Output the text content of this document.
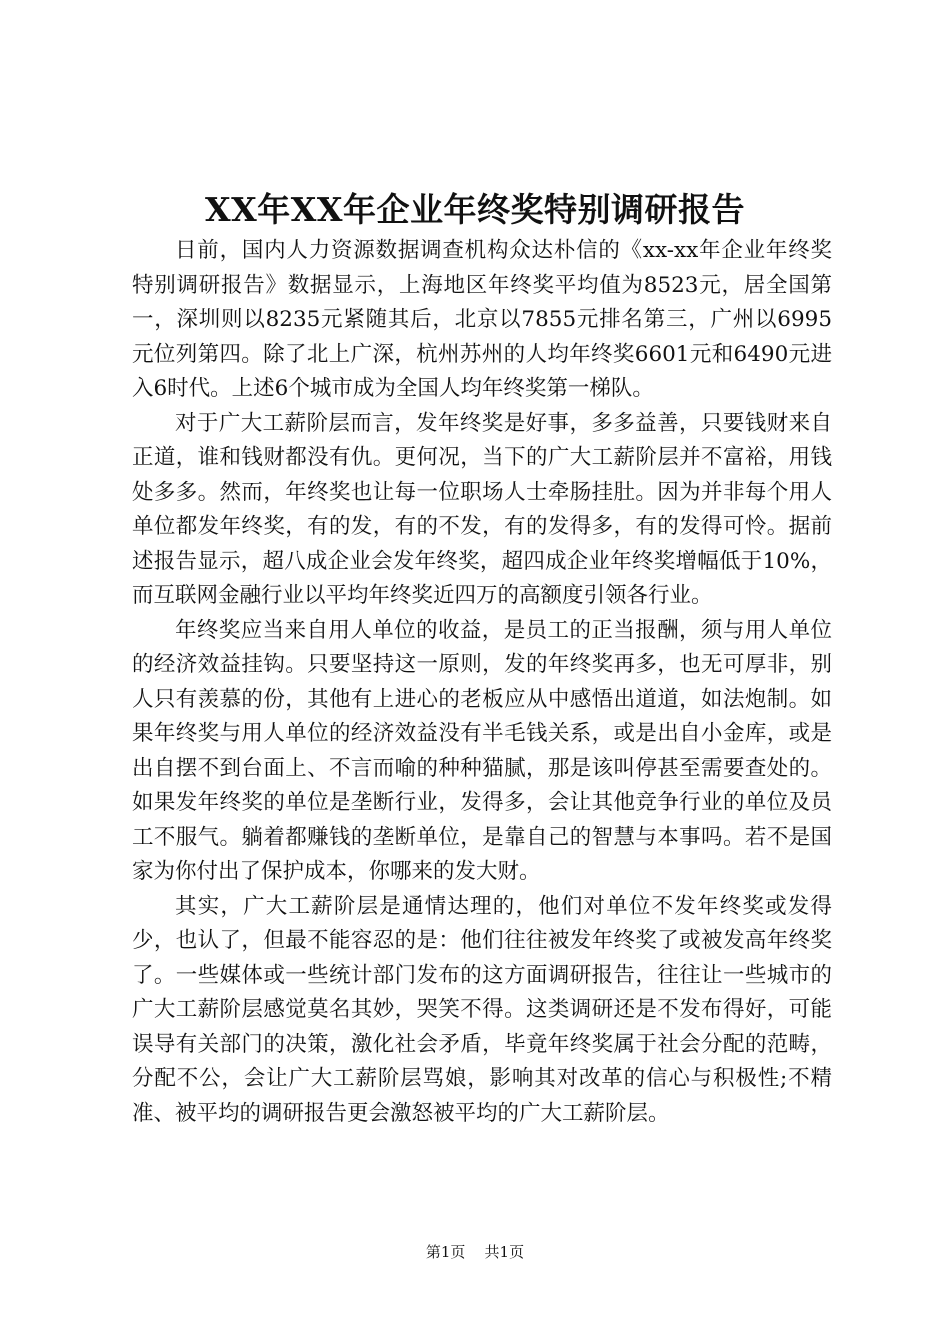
XX年XX年企业年终奖特别调研报告

日前，国内人力资源数据调查机构众达朴信的《xx-xx年企业年终奖特别调研报告》数据显示，上海地区年终奖平均值为8523元，居全国第一，深圳则以8235元紧随其后，北京以7855元排名第三，广州以6995元位列第四。除了北上广深，杭州苏州的人均年终奖6601元和6490元进入6时代。上述6个城市成为全国人均年终奖第一梯队。

对于广大工薪阶层而言，发年终奖是好事，多多益善，只要钱财来自正道，谁和钱财都没有仇。更何况，当下的广大工薪阶层并不富裕，用钱处多多。然而，年终奖也让每一位职场人士牵肠挂肚。因为并非每个用人单位都发年终奖，有的发，有的不发，有的发得多，有的发得可怜。据前述报告显示，超八成企业会发年终奖，超四成企业年终奖增幅低于10%，而互联网金融行业以平均年终奖近四万的高额度引领各行业。

年终奖应当来自用人单位的收益，是员工的正当报酬，须与用人单位的经济效益挂钩。只要坚持这一原则，发的年终奖再多，也无可厚非，别人只有羡慕的份，其他有上进心的老板应从中感悟出道道，如法炮制。如果年终奖与用人单位的经济效益没有半毛钱关系，或是出自小金库，或是出自摆不到台面上、不言而喻的种种猫腻，那是该叫停甚至需要查处的。如果发年终奖的单位是垄断行业，发得多，会让其他竞争行业的单位及员工不服气。躺着都赚钱的垄断单位，是靠自己的智慧与本事吗。若不是国家为你付出了保护成本，你哪来的发大财。

其实，广大工薪阶层是通情达理的，他们对单位不发年终奖或发得少，也认了，但最不能容忍的是：他们往往被发年终奖了或被发高年终奖了。一些媒体或一些统计部门发布的这方面调研报告，往往让一些城市的广大工薪阶层感觉莫名其妙，哭笑不得。这类调研还是不发布得好，可能误导有关部门的决策，激化社会矛盾，毕竟年终奖属于社会分配的范畴，分配不公，会让广大工薪阶层骂娘，影响其对改革的信心与积极性;不精准、被平均的调研报告更会激怒被平均的广大工薪阶层。

第1页 共1页
